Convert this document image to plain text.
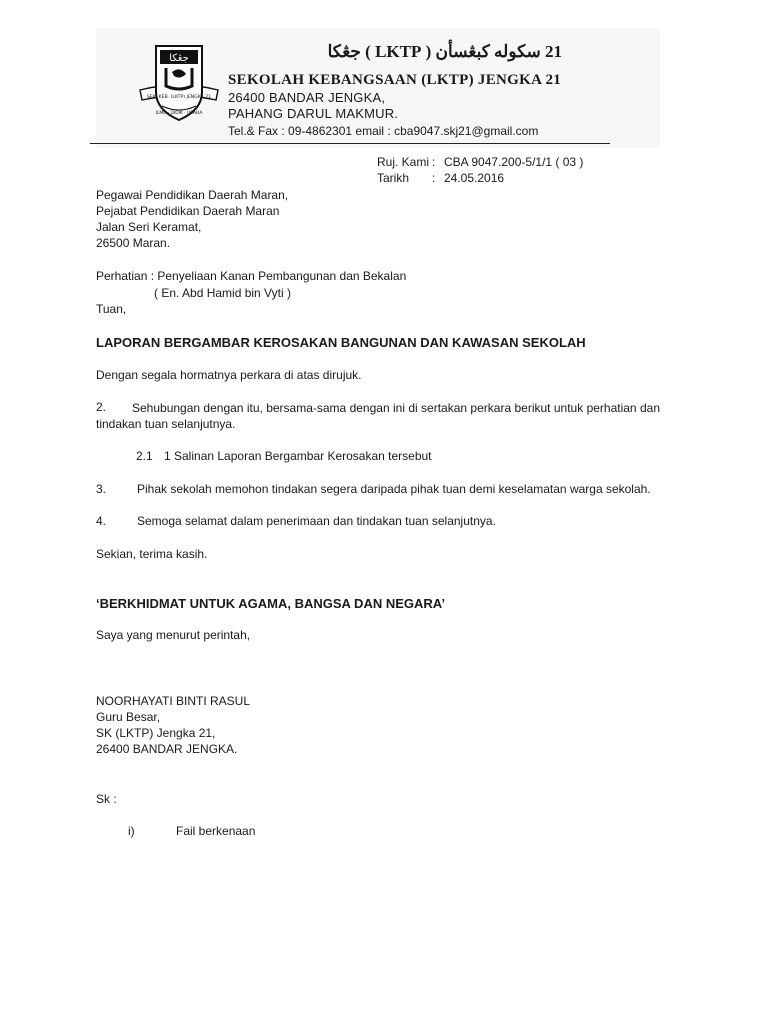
جڠکا
SEK. KEB. (LKTP) JENGKA 21
ILMU · DIDIK · USAHA
21 سكوله كبڠسأن ( LKTP ) جڠکا
SEKOLAH KEBANGSAAN (LKTP) JENGKA 21
26400 BANDAR JENGKA,
PAHANG DARUL MAKMUR.
Tel.& Fax : 09-4862301 email : cba9047.skj21@gmail.com
Ruj. Kami : CBA 9047.200-5/1/1 ( 03 )
Tarikh : 24.05.2016
Pegawai Pendidikan Daerah Maran,
Pejabat Pendidikan Daerah Maran
Jalan Seri Keramat,
26500 Maran.
Perhatian : Penyeliaan Kanan Pembangunan dan Bekalan
( En. Abd Hamid bin Vyti )
Tuan,
LAPORAN BERGAMBAR KEROSAKAN BANGUNAN DAN KAWASAN SEKOLAH
Dengan segala hormatnya perkara di atas dirujuk.
2.	Sehubungan dengan itu, bersama-sama dengan ini di sertakan perkara berikut untuk perhatian dan tindakan tuan selanjutnya.
2.1 1 Salinan Laporan Bergambar Kerosakan tersebut
3.	Pihak sekolah memohon tindakan segera daripada pihak tuan demi keselamatan warga sekolah.
4.	Semoga selamat dalam penerimaan dan tindakan tuan selanjutnya.
Sekian, terima kasih.
‘BERKHIDMAT UNTUK AGAMA, BANGSA DAN NEGARA’
Saya yang menurut perintah,
NOORHAYATI BINTI RASUL
Guru Besar,
SK (LKTP) Jengka 21,
26400 BANDAR JENGKA.
Sk :
i)	Fail berkenaan
